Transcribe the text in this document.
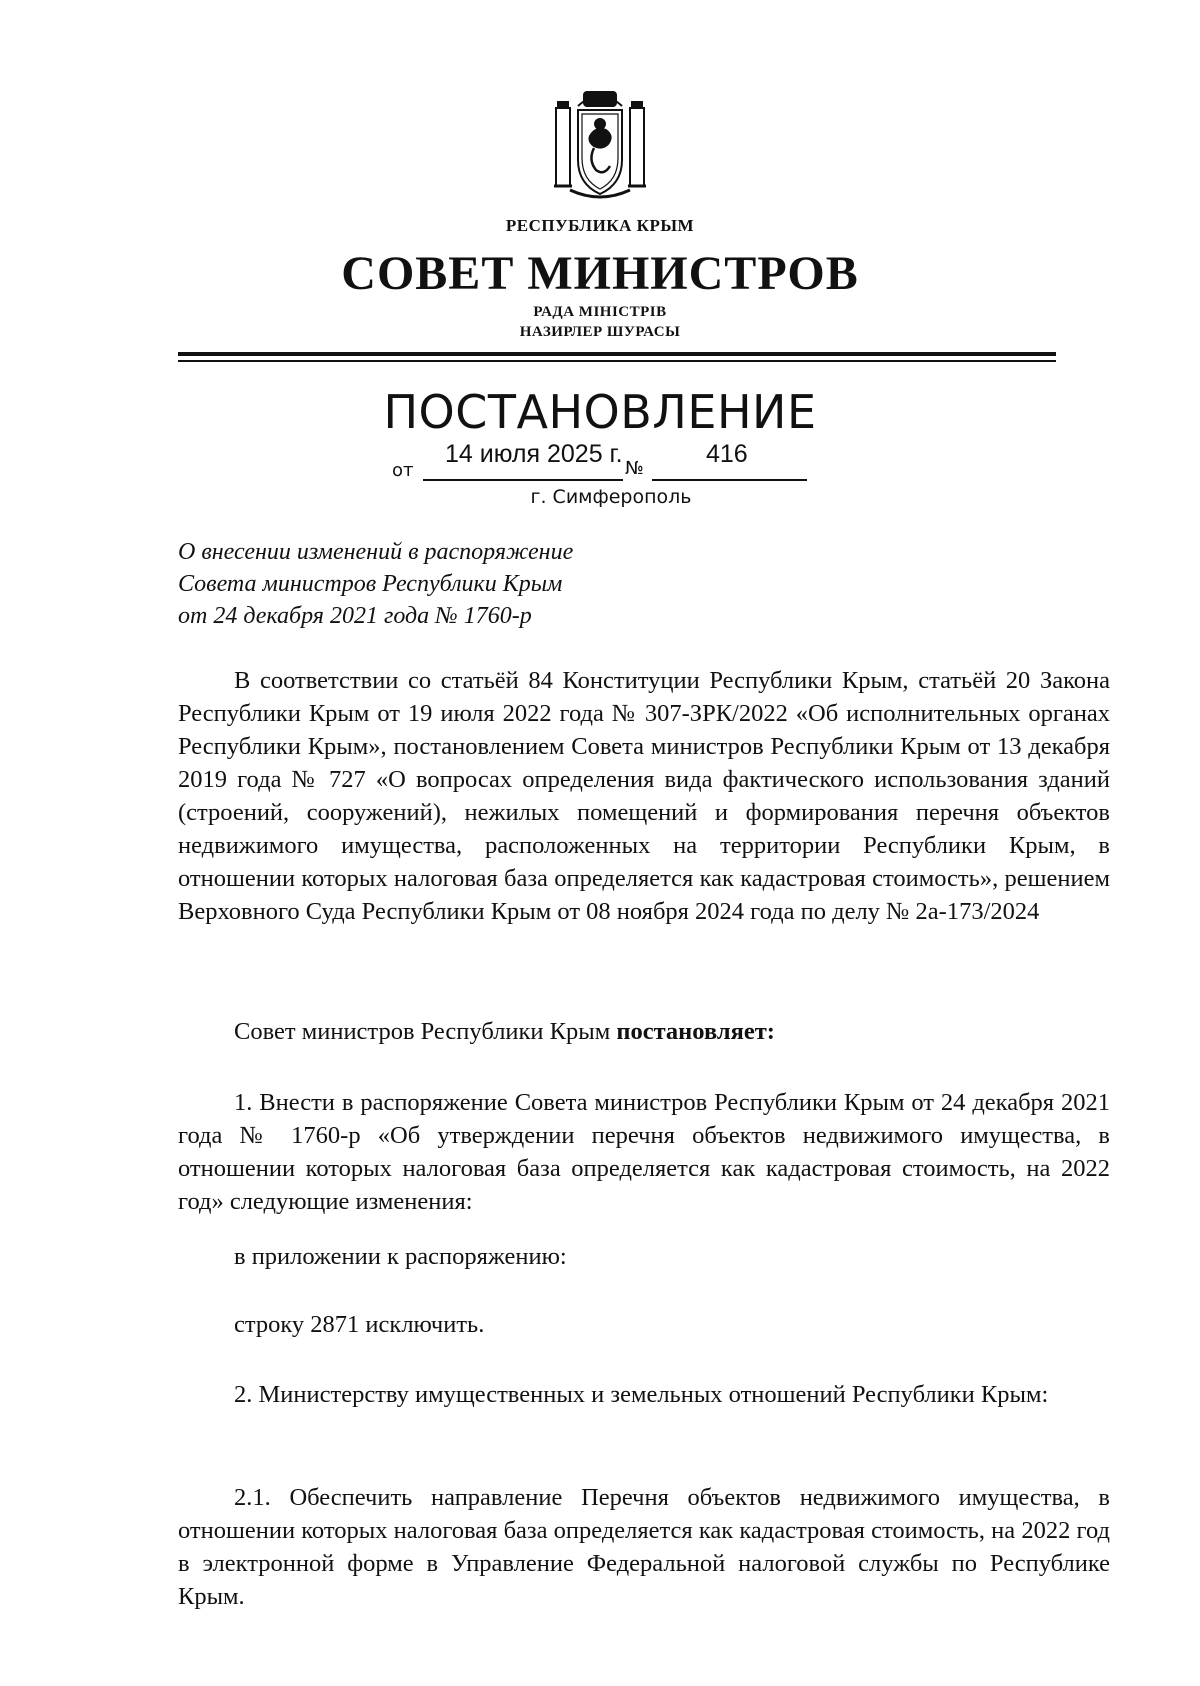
РЕСПУБЛИКА КРЫМ
СОВЕТ МИНИСТРОВ
РАДА МІНІСТРІВ
НАЗИРЛЕР ШУРАСЫ
ПОСТАНОВЛЕНИЕ
от
14 июля 2025 г.
№
416
г. Симферополь
О внесении изменений в распоряжение
Совета министров Республики Крым
от 24 декабря 2021 года № 1760-р

В соответствии со статьёй 84 Конституции Республики Крым, статьёй 20 Закона Республики Крым от 19 июля 2022 года № 307-ЗРК/2022 «Об исполнительных органах Республики Крым», постановлением Совета министров Республики Крым от 13 декабря 2019 года № 727 «О вопросах определения вида фактического использования зданий (строений, сооружений), нежилых помещений и формирования перечня объектов недвижимого имущества, расположенных на территории Республики Крым, в отношении которых налоговая база определяется как кадастровая стоимость», решением Верховного Суда Республики Крым от 08 ноября 2024 года по делу № 2а-173/2024

Совет министров Республики Крым постановляет:

1. Внести в распоряжение Совета министров Республики Крым от 24 декабря 2021 года № 1760-р «Об утверждении перечня объектов недвижимого имущества, в отношении которых налоговая база определяется как кадастровая стоимость, на 2022 год» следующие изменения:

в приложении к распоряжению:

строку 2871 исключить.

2. Министерству имущественных и земельных отношений Республики Крым:

2.1. Обеспечить направление Перечня объектов недвижимого имущества, в отношении которых налоговая база определяется как кадастровая стоимость, на 2022 год в электронной форме в Управление Федеральной налоговой службы по Республике Крым.
